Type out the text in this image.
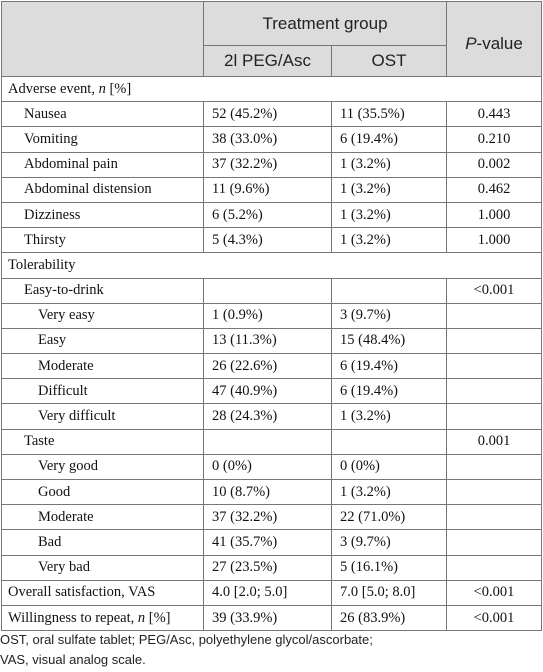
	Treatment group		P-value
	2l PEG/Asc	OST	
Adverse event, n [%]			
Nausea	52 (45.2%)	11 (35.5%)	0.443
Vomiting	38 (33.0%)	6 (19.4%)	0.210
Abdominal pain	37 (32.2%)	1 (3.2%)	0.002
Abdominal distension	11 (9.6%)	1 (3.2%)	0.462
Dizziness	6 (5.2%)	1 (3.2%)	1.000
Thirsty	5 (4.3%)	1 (3.2%)	1.000
Tolerability			
Easy-to-drink			<0.001
Very easy	1 (0.9%)	3 (9.7%)	
Easy	13 (11.3%)	15 (48.4%)	
Moderate	26 (22.6%)	6 (19.4%)	
Difficult	47 (40.9%)	6 (19.4%)	
Very difficult	28 (24.3%)	1 (3.2%)	
Taste			0.001
Very good	0 (0%)	0 (0%)	
Good	10 (8.7%)	1 (3.2%)	
Moderate	37 (32.2%)	22 (71.0%)	
Bad	41 (35.7%)	3 (9.7%)	
Very bad	27 (23.5%)	5 (16.1%)	
Overall satisfaction, VAS	4.0 [2.0; 5.0]	7.0 [5.0; 8.0]	<0.001
Willingness to repeat, n [%]	39 (33.9%)	26 (83.9%)	<0.001
OST, oral sulfate tablet; PEG/Asc, polyethylene glycol/ascorbate;
VAS, visual analog scale.
